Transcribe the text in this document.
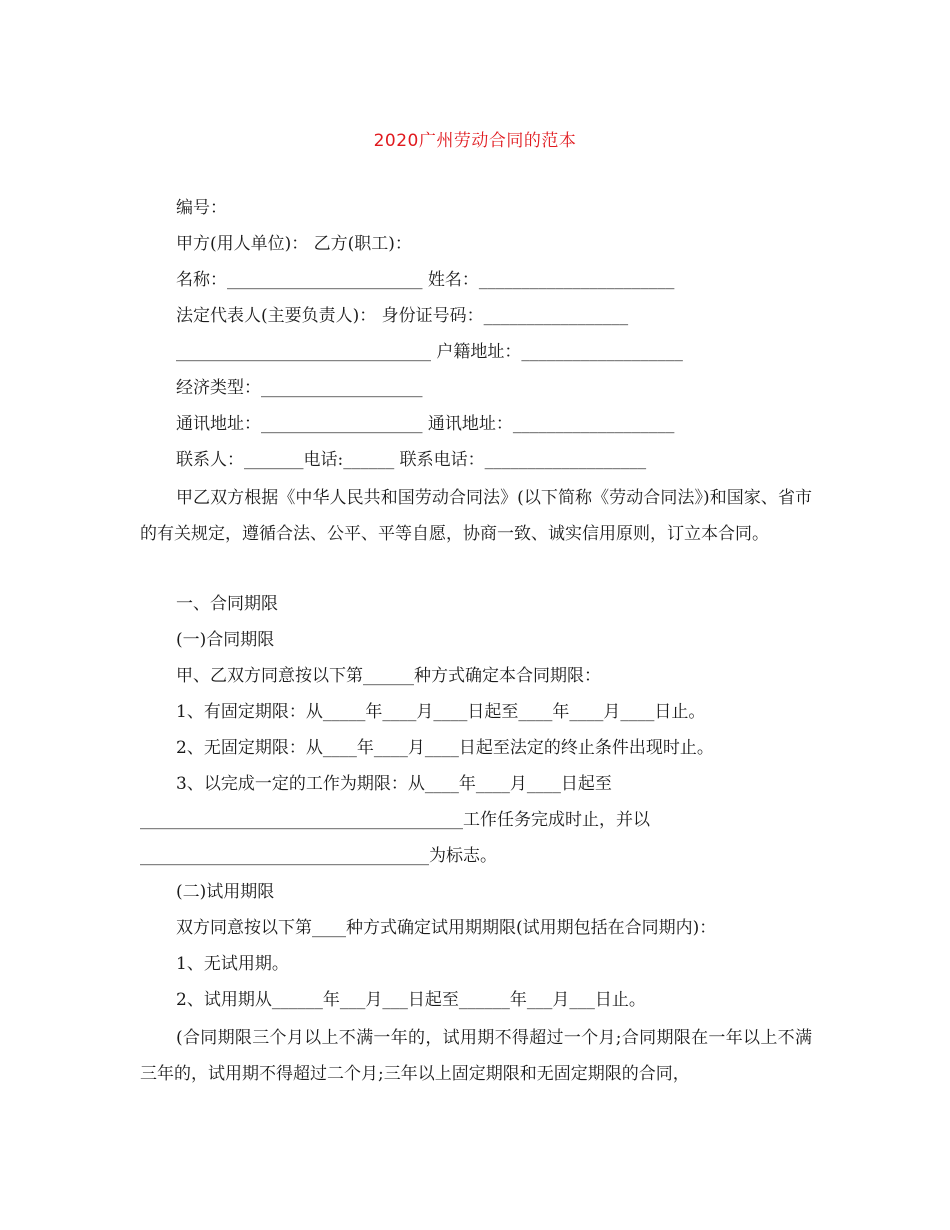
2020广州劳动合同的范本
编号：
甲方(用人单位)： 乙方(职工)：
名称：_______________________ 姓名：_______________________
法定代表人(主要负责人)： 身份证号码：_________________
______________________________ 户籍地址：___________________
经济类型：___________________
通讯地址：___________________ 通讯地址：___________________
联系人：_______电话:______ 联系电话：___________________
甲乙双方根据《中华人民共和国劳动合同法》(以下简称《劳动合同法》)和国家、省市的有关规定，遵循合法、公平、平等自愿，协商一致、诚实信用原则，订立本合同。
一、合同期限
(一)合同期限
甲、乙双方同意按以下第______种方式确定本合同期限：
1、有固定期限：从_____年____月____日起至____年____月____日止。
2、无固定期限：从____年____月____日起至法定的终止条件出现时止。
3、以完成一定的工作为期限：从____年____月____日起至
______________________________________工作任务完成时止，并以
__________________________________为标志。
(二)试用期限
双方同意按以下第____种方式确定试用期期限(试用期包括在合同期内)：
1、无试用期。
2、试用期从______年___月___日起至______年___月___日止。
(合同期限三个月以上不满一年的，试用期不得超过一个月;合同期限在一年以上不满三年的，试用期不得超过二个月;三年以上固定期限和无固定期限的合同，
